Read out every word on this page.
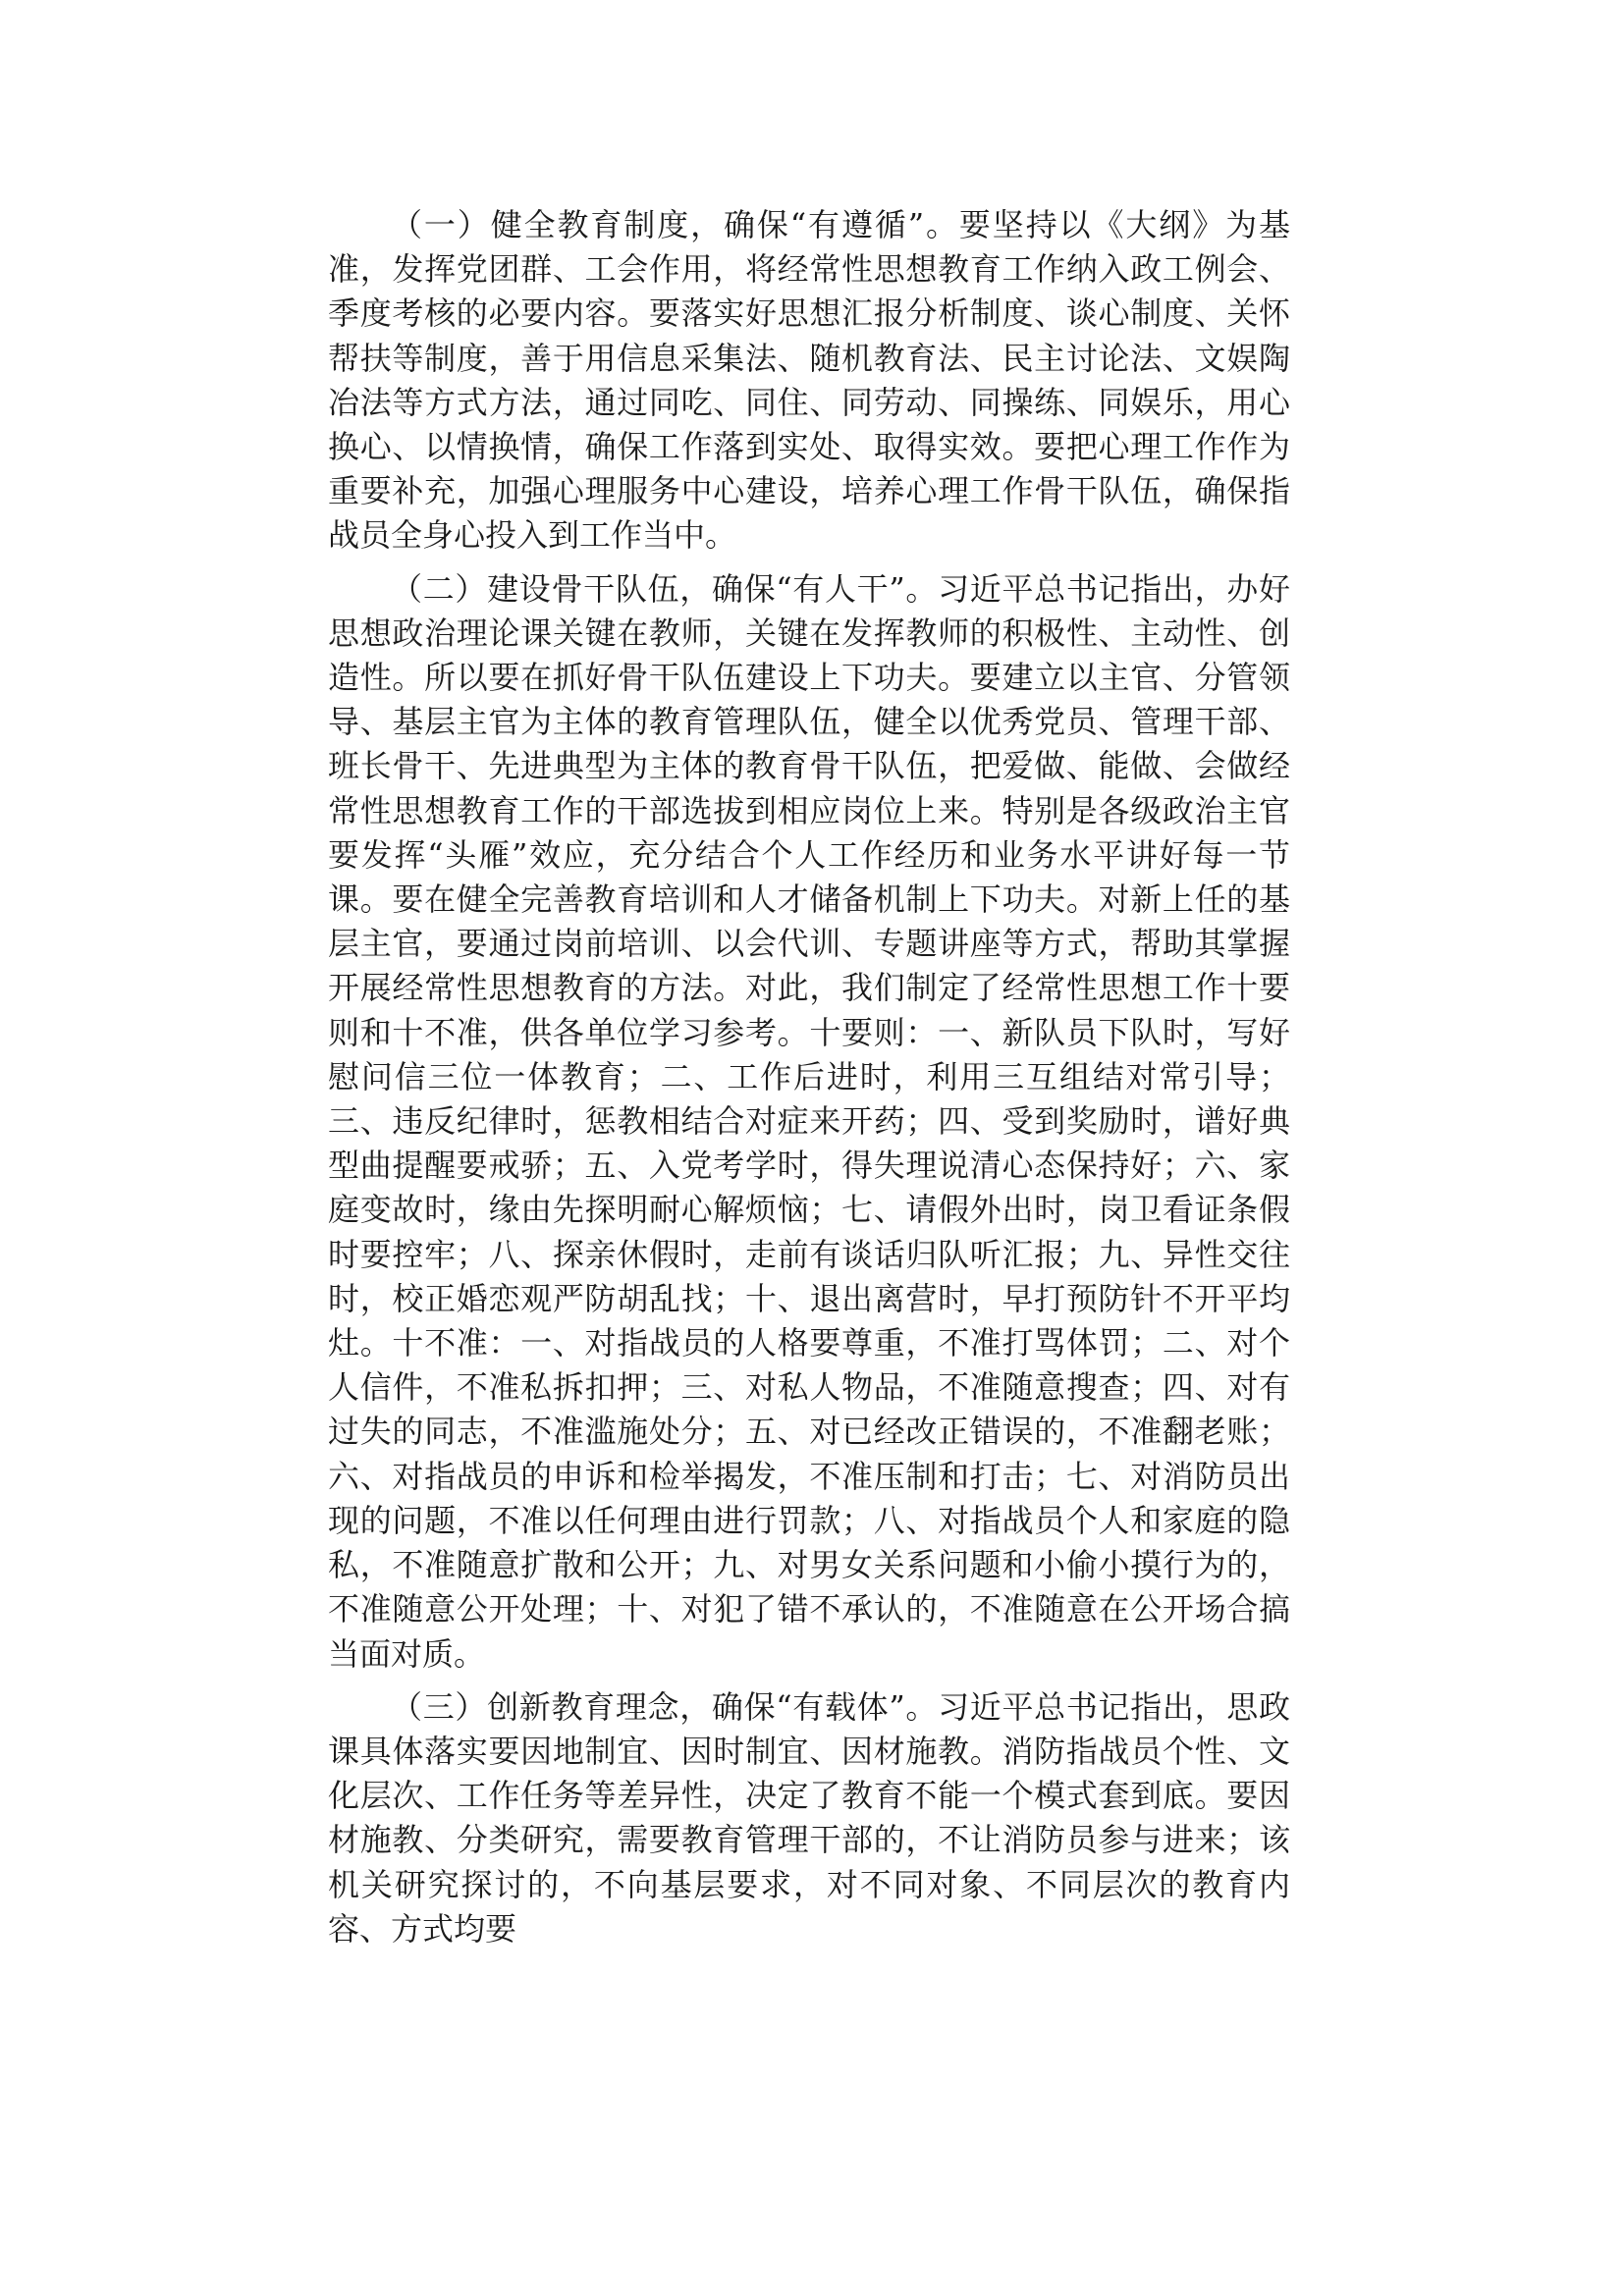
（一）健全教育制度，确保“有遵循”。要坚持以《大纲》为基准，发挥党团群、工会作用，将经常性思想教育工作纳入政工例会、季度考核的必要内容。要落实好思想汇报分析制度、谈心制度、关怀帮扶等制度，善于用信息采集法、随机教育法、民主讨论法、文娱陶冶法等方式方法，通过同吃、同住、同劳动、同操练、同娱乐，用心换心、以情换情，确保工作落到实处、取得实效。要把心理工作作为重要补充，加强心理服务中心建设，培养心理工作骨干队伍，确保指战员全身心投入到工作当中。

（二）建设骨干队伍，确保“有人干”。习近平总书记指出，办好思想政治理论课关键在教师，关键在发挥教师的积极性、主动性、创造性。所以要在抓好骨干队伍建设上下功夫。要建立以主官、分管领导、基层主官为主体的教育管理队伍，健全以优秀党员、管理干部、班长骨干、先进典型为主体的教育骨干队伍，把爱做、能做、会做经常性思想教育工作的干部选拔到相应岗位上来。特别是各级政治主官要发挥“头雁”效应，充分结合个人工作经历和业务水平讲好每一节课。要在健全完善教育培训和人才储备机制上下功夫。对新上任的基层主官，要通过岗前培训、以会代训、专题讲座等方式，帮助其掌握开展经常性思想教育的方法。对此，我们制定了经常性思想工作十要则和十不准，供各单位学习参考。十要则：一、新队员下队时，写好慰问信三位一体教育；二、工作后进时，利用三互组结对常引导；三、违反纪律时，惩教相结合对症来开药；四、受到奖励时，谱好典型曲提醒要戒骄；五、入党考学时，得失理说清心态保持好；六、家庭变故时，缘由先探明耐心解烦恼；七、请假外出时，岗卫看证条假时要控牢；八、探亲休假时，走前有谈话归队听汇报；九、异性交往时，校正婚恋观严防胡乱找；十、退出离营时，早打预防针不开平均灶。十不准：一、对指战员的人格要尊重，不准打骂体罚；二、对个人信件，不准私拆扣押；三、对私人物品，不准随意搜查；四、对有过失的同志，不准滥施处分；五、对已经改正错误的，不准翻老账；六、对指战员的申诉和检举揭发，不准压制和打击；七、对消防员出现的问题，不准以任何理由进行罚款；八、对指战员个人和家庭的隐私，不准随意扩散和公开；九、对男女关系问题和小偷小摸行为的，不准随意公开处理；十、对犯了错不承认的，不准随意在公开场合搞当面对质。

（三）创新教育理念，确保“有载体”。习近平总书记指出，思政课具体落实要因地制宜、因时制宜、因材施教。消防指战员个性、文化层次、工作任务等差异性，决定了教育不能一个模式套到底。要因材施教、分类研究，需要教育管理干部的，不让消防员参与进来；该机关研究探讨的，不向基层要求，对不同对象、不同层次的教育内容、方式均要
